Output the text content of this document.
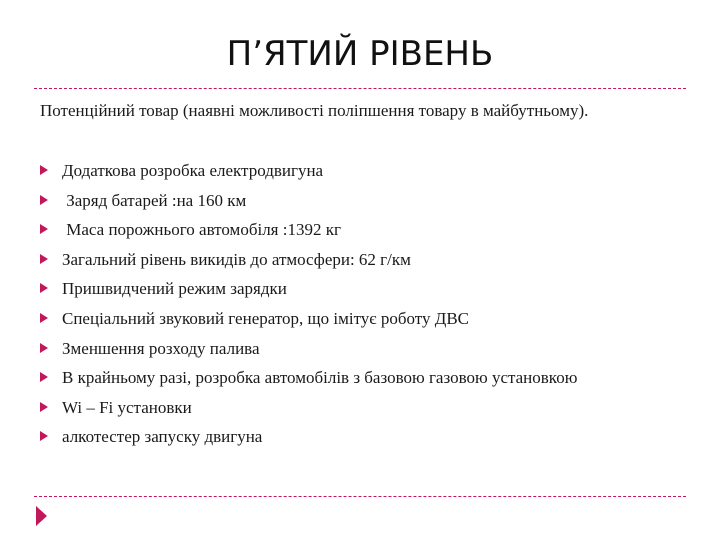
П’ЯТИЙ РІВЕНЬ
Потенційний товар (наявні можливості поліпшення товару в майбутньому).
Додаткова розробка електродвигуна
Заряд батарей :на 160 км
Маса порожнього автомобіля :1392 кг
Загальний рівень викидів до атмосфери: 62 г/км
Пришвидчений режим зарядки
Спеціальний звуковий генератор, що імітує роботу ДВС
Зменшення розходу палива
В крайньому разі, розробка автомобілів з базовою газовою установкою
Wi – Fi установки
алкотестер запуску двигуна
